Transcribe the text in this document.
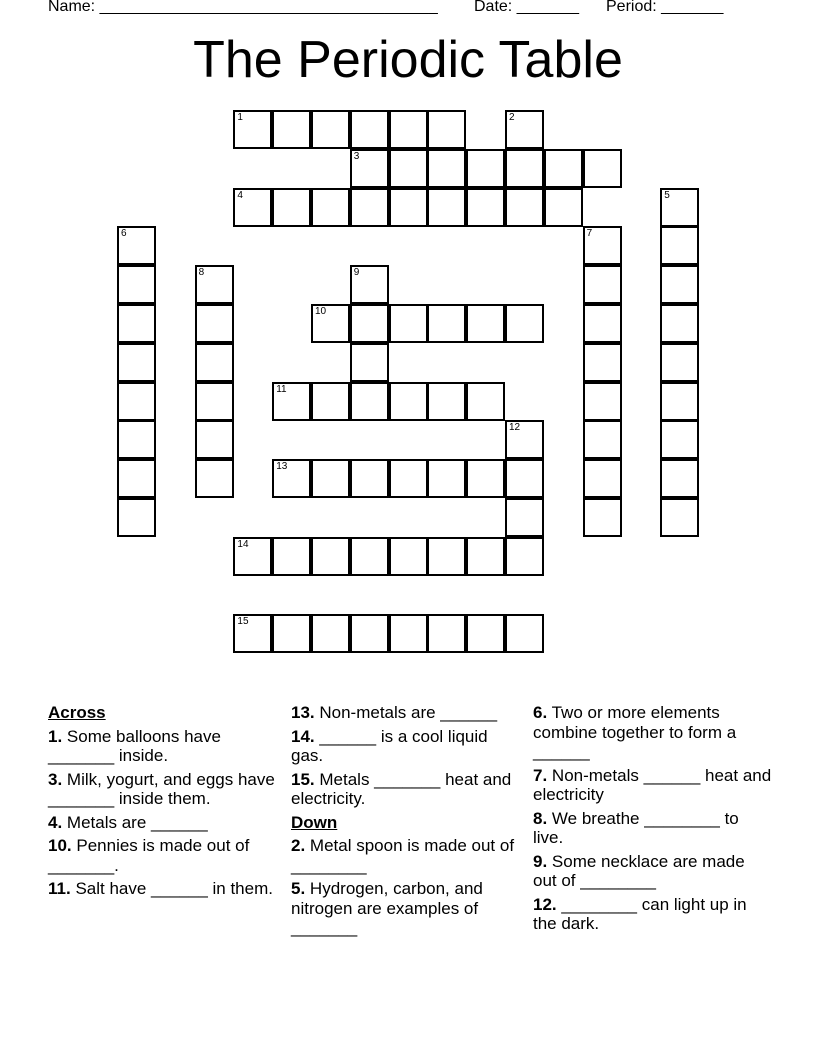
Name: ______________________________________ Date: _______ Period: _______
The Periodic Table
1	2
3
4	5
6	7
8	9
10
11
12
13
14
15
Across
1. Some balloons have _______ inside.
3. Milk, yogurt, and eggs have _______ inside them.
4. Metals are ______
10. Pennies is made out of _______.
11. Salt have ______ in them.
13. Non-metals are ______
14. ______ is a cool liquid gas.
15. Metals _______ heat and electricity.
Down
2. Metal spoon is made out of ________
5. Hydrogen, carbon, and nitrogen are examples of _______
6. Two or more elements combine together to form a ______
7. Non-metals ______ heat and electricity
8. We breathe ________ to live.
9. Some necklace are made out of ________
12. ________ can light up in the dark.
